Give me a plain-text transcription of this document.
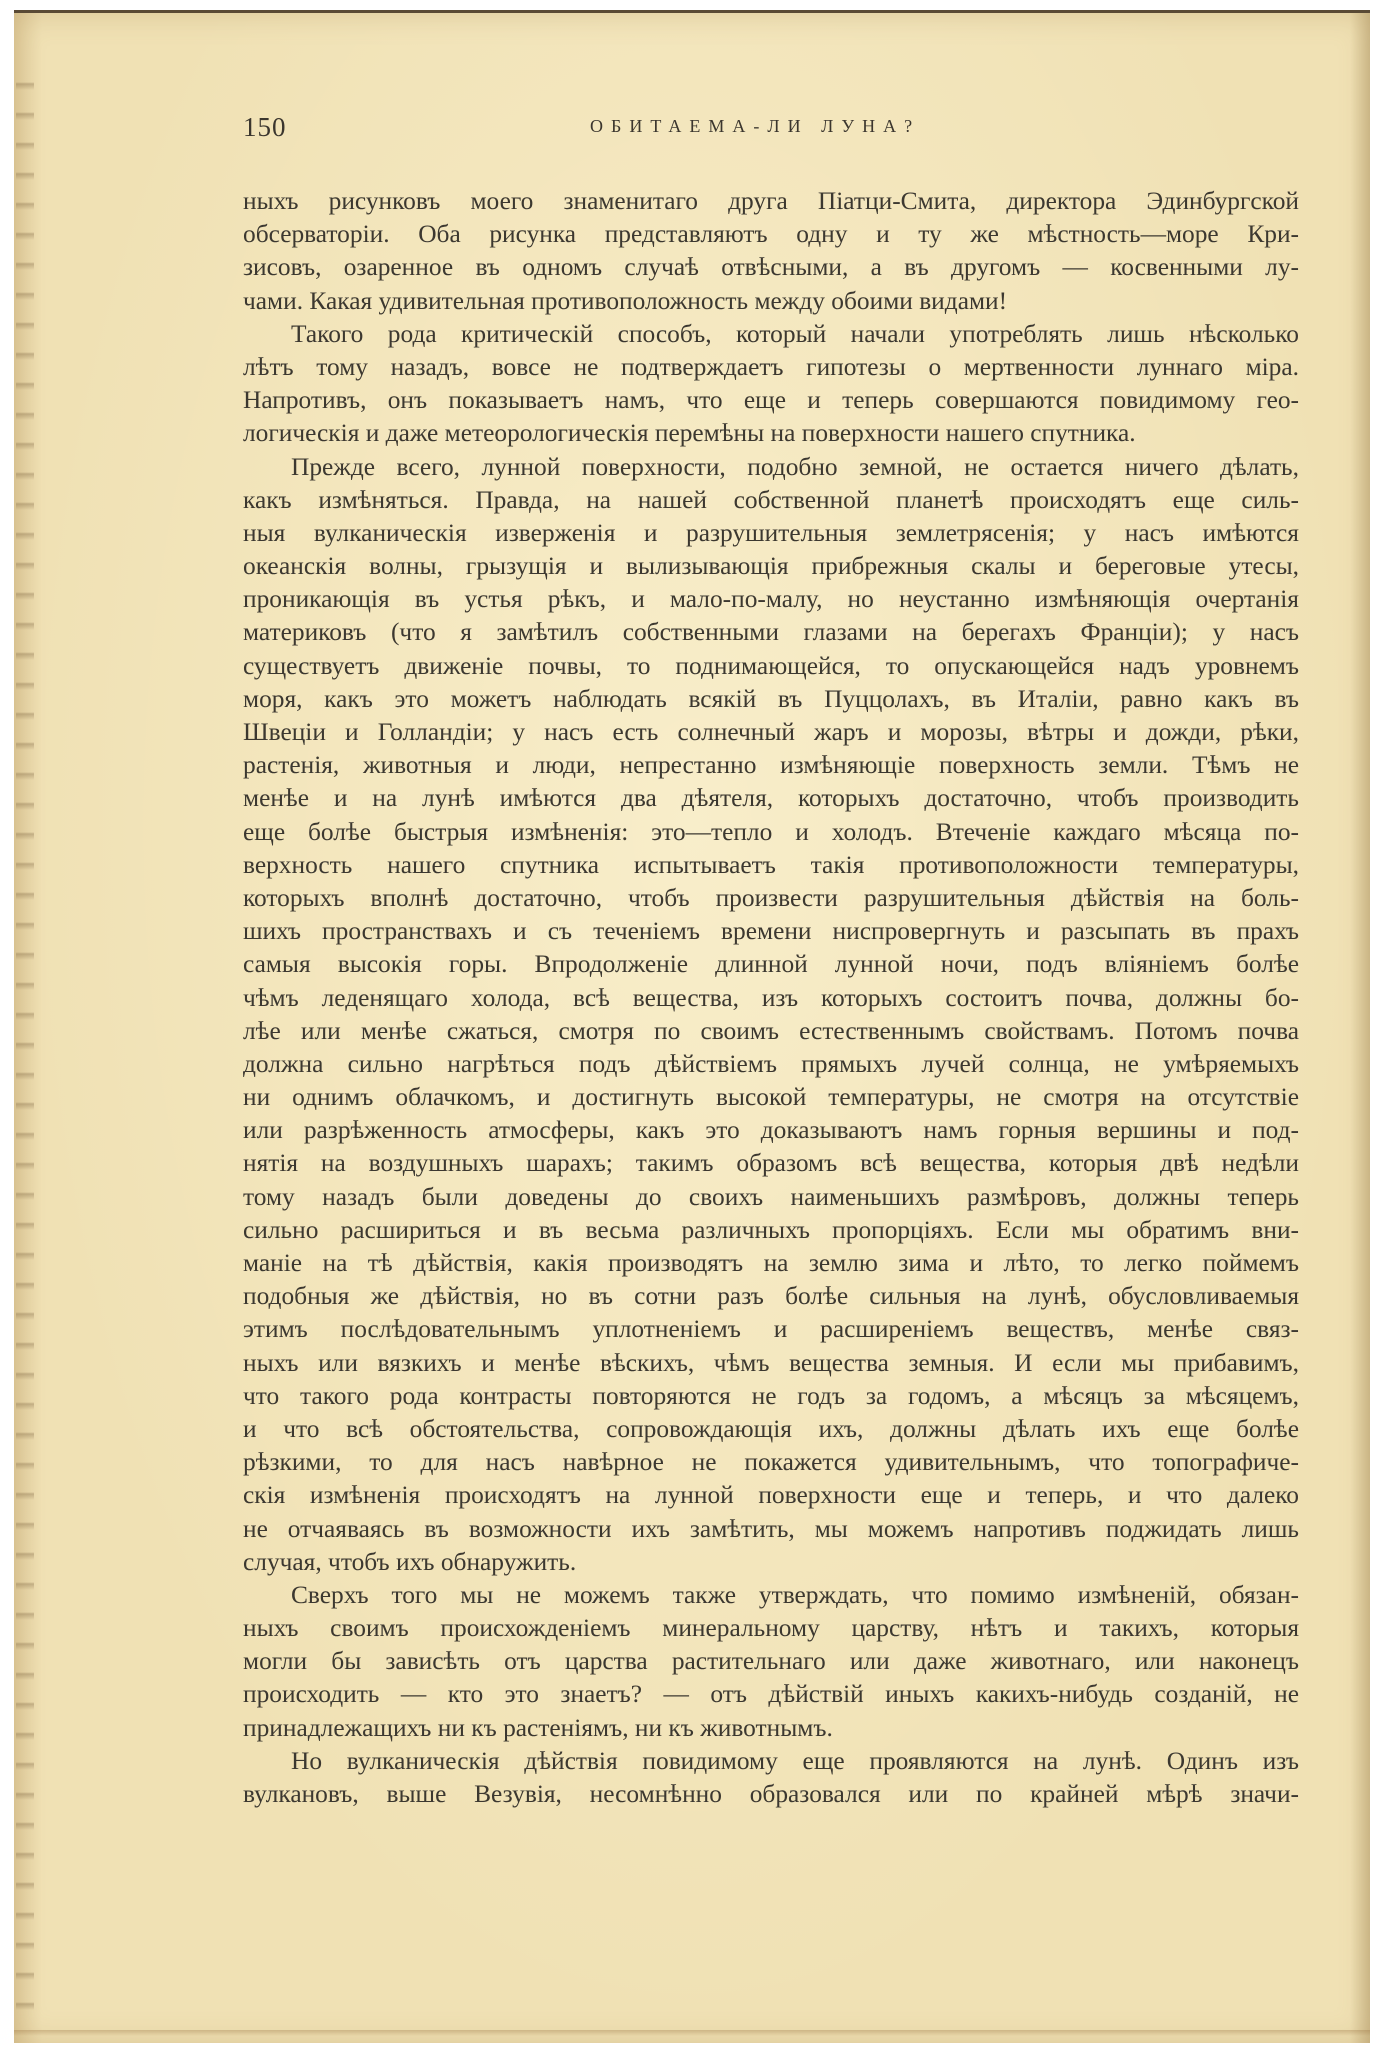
150	ОБИТАЕМА-ЛИ ЛУНА?
ныхъ рисунковъ моего знаменитаго друга Піатци-Смита, директора Эдинбургской
обсерваторіи. Оба рисунка представляютъ одну и ту же мѣстность—море Кри-
зисовъ, озаренное въ одномъ случаѣ отвѣсными, а въ другомъ — косвенными лу-
чами. Какая удивительная противоположность между обоими видами!
Такого рода критическій способъ, который начали употреблять лишь нѣсколько
лѣтъ тому назадъ, вовсе не подтверждаетъ гипотезы о мертвенности луннаго міра.
Напротивъ, онъ показываетъ намъ, что еще и теперь совершаются повидимому гео-
логическія и даже метеорологическія перемѣны на поверхности нашего спутника.
Прежде всего, лунной поверхности, подобно земной, не остается ничего дѣлать,
какъ измѣняться. Правда, на нашей собственной планетѣ происходятъ еще силь-
ныя вулканическія изверженія и разрушительныя землетрясенія; у насъ имѣются
океанскія волны, грызущія и вылизывающія прибрежныя скалы и береговые утесы,
проникающія въ устья рѣкъ, и мало-по-малу, но неустанно измѣняющія очертанія
материковъ (что я замѣтилъ собственными глазами на берегахъ Франціи); у насъ
существуетъ движеніе почвы, то поднимающейся, то опускающейся надъ уровнемъ
моря, какъ это можетъ наблюдать всякій въ Пуццолахъ, въ Италіи, равно какъ въ
Швеціи и Голландіи; у насъ есть солнечный жаръ и морозы, вѣтры и дожди, рѣки,
растенія, животныя и люди, непрестанно измѣняющіе поверхность земли. Тѣмъ не
менѣе и на лунѣ имѣются два дѣятеля, которыхъ достаточно, чтобъ производить
еще болѣе быстрыя измѣненія: это—тепло и холодъ. Втеченіе каждаго мѣсяца по-
верхность нашего спутника испытываетъ такія противоположности температуры,
которыхъ вполнѣ достаточно, чтобъ произвести разрушительныя дѣйствія на боль-
шихъ пространствахъ и съ теченіемъ времени ниспровергнуть и разсыпать въ прахъ
самыя высокія горы. Впродолженіе длинной лунной ночи, подъ вліяніемъ болѣе
чѣмъ леденящаго холода, всѣ вещества, изъ которыхъ состоитъ почва, должны бо-
лѣе или менѣе сжаться, смотря по своимъ естественнымъ свойствамъ. Потомъ почва
должна сильно нагрѣться подъ дѣйствіемъ прямыхъ лучей солнца, не умѣряемыхъ
ни однимъ облачкомъ, и достигнуть высокой температуры, не смотря на отсутствіе
или разрѣженность атмосферы, какъ это доказываютъ намъ горныя вершины и под-
нятія на воздушныхъ шарахъ; такимъ образомъ всѣ вещества, которыя двѣ недѣли
тому назадъ были доведены до своихъ наименьшихъ размѣровъ, должны теперь
сильно расшириться и въ весьма различныхъ пропорціяхъ. Если мы обратимъ вни-
маніе на тѣ дѣйствія, какія производятъ на землю зима и лѣто, то легко поймемъ
подобныя же дѣйствія, но въ сотни разъ болѣе сильныя на лунѣ, обусловливаемыя
этимъ послѣдовательнымъ уплотненіемъ и расширеніемъ веществъ, менѣе связ-
ныхъ или вязкихъ и менѣе вѣскихъ, чѣмъ вещества земныя. И если мы прибавимъ,
что такого рода контрасты повторяются не годъ за годомъ, а мѣсяцъ за мѣсяцемъ,
и что всѣ обстоятельства, сопровождающія ихъ, должны дѣлать ихъ еще болѣе
рѣзкими, то для насъ навѣрное не покажется удивительнымъ, что топографиче-
скія измѣненія происходятъ на лунной поверхности еще и теперь, и что далеко
не отчаяваясь въ возможности ихъ замѣтить, мы можемъ напротивъ поджидать лишь
случая, чтобъ ихъ обнаружить.
Сверхъ того мы не можемъ также утверждать, что помимо измѣненій, обязан-
ныхъ своимъ происхожденіемъ минеральному царству, нѣтъ и такихъ, которыя
могли бы зависѣть отъ царства растительнаго или даже животнаго, или наконецъ
происходить — кто это знаетъ? — отъ дѣйствій иныхъ какихъ-нибудь созданій, не
принадлежащихъ ни къ растеніямъ, ни къ животнымъ.
Но вулканическія дѣйствія повидимому еще проявляются на лунѣ. Одинъ изъ
вулкановъ, выше Везувія, несомнѣнно образовался или по крайней мѣрѣ значи-
